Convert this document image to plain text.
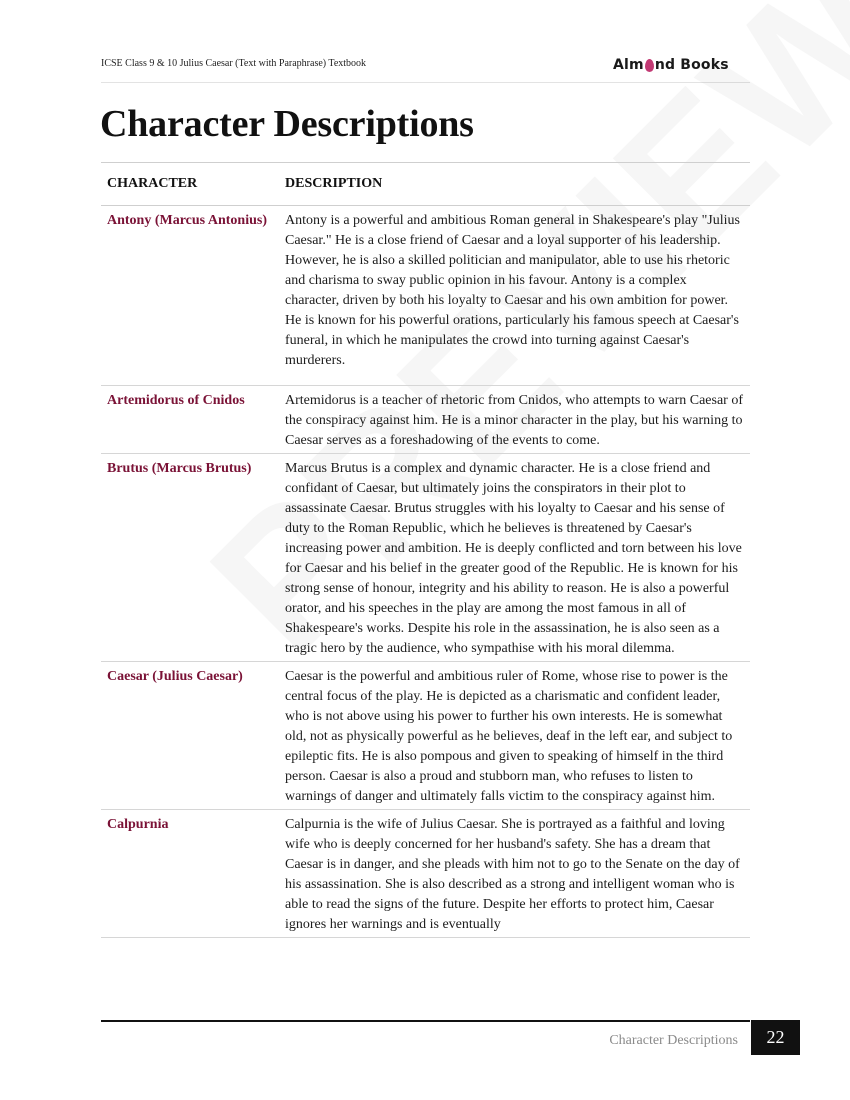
ICSE Class 9 & 10 Julius Caesar (Text with Paraphrase) Textbook	Alm nd Books
Character Descriptions
CHARACTER	DESCRIPTION
Antony (Marcus Antonius)	Antony is a powerful and ambitious Roman general in Shakespeare's play "Julius Caesar." He is a close friend of Caesar and a loyal supporter of his leadership. However, he is also a skilled politician and manipulator, able to use his rhetoric and charisma to sway public opinion in his favour. Antony is a complex character, driven by both his loyalty to Caesar and his own ambition for power. He is known for his powerful orations, particularly his famous speech at Caesar's funeral, in which he manipulates the crowd into turning against Caesar's murderers.
Artemidorus of Cnidos	Artemidorus is a teacher of rhetoric from Cnidos, who attempts to warn Caesar of the conspiracy against him. He is a minor character in the play, but his warning to Caesar serves as a foreshadowing of the events to come.
Brutus (Marcus Brutus)	Marcus Brutus is a complex and dynamic character. He is a close friend and confidant of Caesar, but ultimately joins the conspirators in their plot to assassinate Caesar. Brutus struggles with his loyalty to Caesar and his sense of duty to the Roman Republic, which he believes is threatened by Caesar's increasing power and ambition. He is deeply conflicted and torn between his love for Caesar and his belief in the greater good of the Republic. He is known for his strong sense of honour, integrity and his ability to reason. He is also a powerful orator, and his speeches in the play are among the most famous in all of Shakespeare's works. Despite his role in the assassination, he is also seen as a tragic hero by the audience, who sympathise with his moral dilemma.
Caesar (Julius Caesar)	Caesar is the powerful and ambitious ruler of Rome, whose rise to power is the central focus of the play. He is depicted as a charismatic and confident leader, who is not above using his power to further his own interests. He is somewhat old, not as physically powerful as he believes, deaf in the left ear, and subject to epileptic fits. He is also pompous and given to speaking of himself in the third person. Caesar is also a proud and stubborn man, who refuses to listen to warnings of danger and ultimately falls victim to the conspiracy against him.
Calpurnia	Calpurnia is the wife of Julius Caesar. She is portrayed as a faithful and loving wife who is deeply concerned for her husband's safety. She has a dream that Caesar is in danger, and she pleads with him not to go to the Senate on the day of his assassination. She is also described as a strong and intelligent woman who is able to read the signs of the future. Despite her efforts to protect him, Caesar ignores her warnings and is eventually
Character Descriptions	22
